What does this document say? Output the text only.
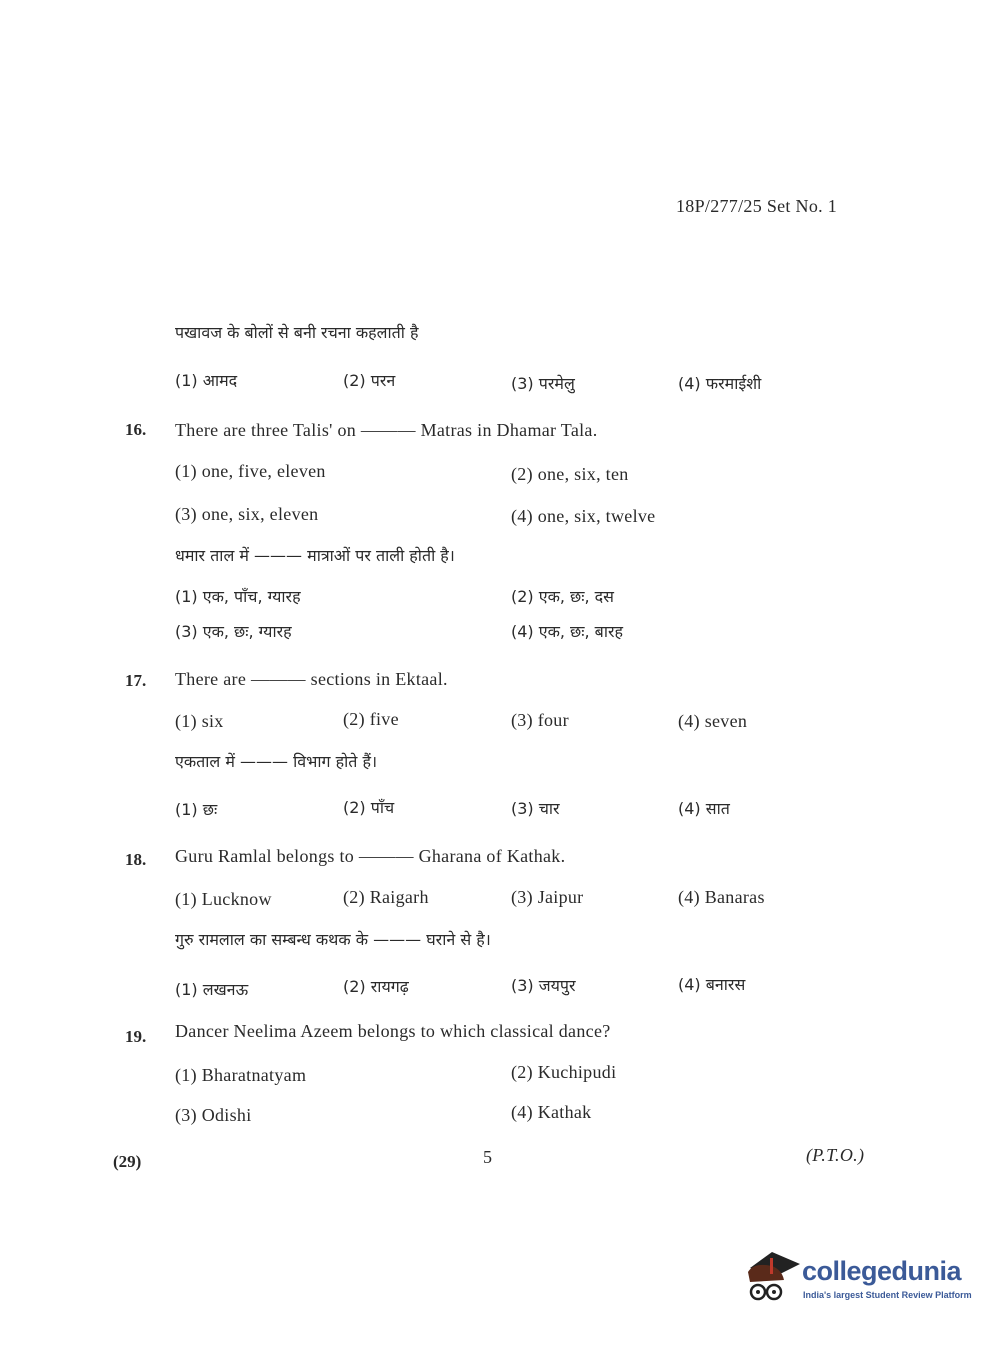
18P/277/25 Set No. 1
पखावज के बोलों से बनी रचना कहलाती है
(1) आमद	(2) परन	(3) परमेलु	(4) फरमाईशी
16. There are three Talis' on ——— Matras in Dhamar Tala.
(1) one, five, eleven	(2) one, six, ten
(3) one, six, eleven	(4) one, six, twelve
धमार ताल में ——— मात्राओं पर ताली होती है।
(1) एक, पाँच, ग्यारह	(2) एक, छः, दस
(3) एक, छः, ग्यारह	(4) एक, छः, बारह
17. There are ——— sections in Ektaal.
(1) six	(2) five	(3) four	(4) seven
एकताल में ——— विभाग होते हैं।
(1) छः	(2) पाँच	(3) चार	(4) सात
18. Guru Ramlal belongs to ——— Gharana of Kathak.
(1) Lucknow	(2) Raigarh	(3) Jaipur	(4) Banaras
गुरु रामलाल का सम्बन्ध कथक के ——— घराने से है।
(1) लखनऊ	(2) रायगढ़	(3) जयपुर	(4) बनारस
19. Dancer Neelima Azeem belongs to which classical dance?
(1) Bharatnatyam	(2) Kuchipudi
(3) Odishi	(4) Kathak
(29)	5	(P.T.O.)
collegedunia
India's largest Student Review Platform
